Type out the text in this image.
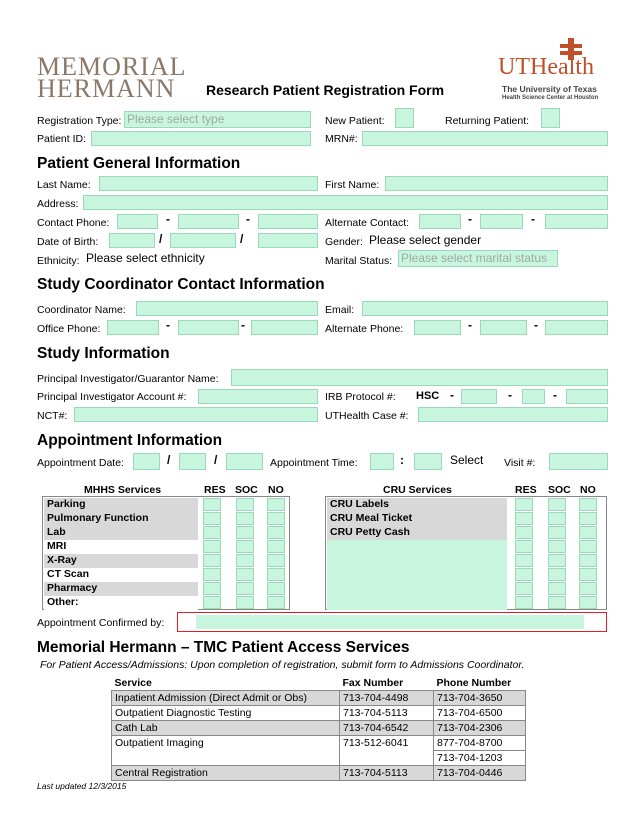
MEMORIAL
HERMANN	Research Patient Registration Form
UTHealth
The University of Texas
Health Science Center at Houston
Registration Type: Please select type	New Patient:	Returning Patient:
Patient ID:	MRN#:
Patient General Information
Last Name:	First Name:
Address:
Contact Phone:	-	-	Alternate Contact:	-	-
Date of Birth:	/	/	Gender: Please select gender
Ethnicity: Please select ethnicity	Marital Status: Please select marital status
Study Coordinator Contact Information
Coordinator Name:	Email:
Office Phone:	-	-	Alternate Phone:	-	-
Study Information
Principal Investigator/Guarantor Name:
Principal Investigator Account #:	IRB Protocol #: HSC -	-	-
NCT#:	UTHealth Case #:
Appointment Information
Appointment Date:	/	/	Appointment Time:	:	Select Visit #:
MHHS Services	RES SOC NO	CRU Services	RES SOC NO
Parking
Pulmonary Function
Lab
MRI
X-Ray
CT Scan
Pharmacy
Other:
CRU Labels
CRU Meal Ticket
CRU Petty Cash
Appointment Confirmed by:
Memorial Hermann – TMC Patient Access Services
For Patient Access/Admissions: Upon completion of registration, submit form to Admissions Coordinator.
Service	Fax Number	Phone Number
Inpatient Admission (Direct Admit or Obs)	713-704-4498	713-704-3650
Outpatient Diagnostic Testing	713-704-5113	713-704-6500
Cath Lab	713-704-6542	713-704-2306
Outpatient Imaging	713-512-6041	877-704-8700
		713-704-1203
Central Registration	713-704-5113	713-704-0446
Last updated 12/3/2015
